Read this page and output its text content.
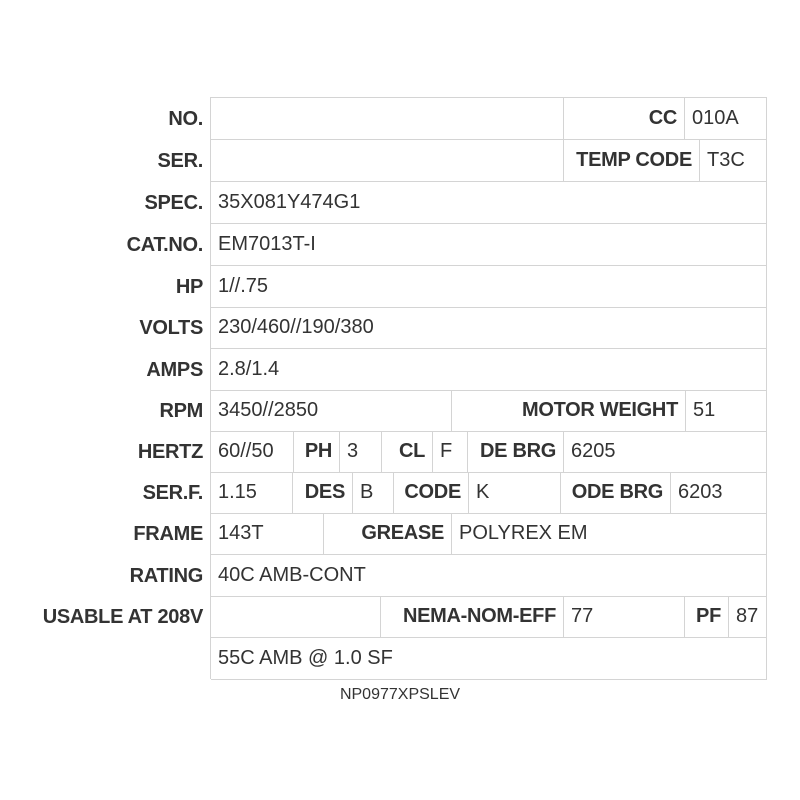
NO.	CC 010A
SER.	TEMP CODE T3C
SPEC. 35X081Y474G1
CAT.NO. EM7013T-I
HP 1//.75
VOLTS 230/460//190/380
AMPS 2.8/1.4
RPM 3450//2850	MOTOR WEIGHT 51
HERTZ 60//50	PH 3	CL F	DE BRG 6205
SER.F. 1.15	DES B	CODE K	ODE BRG 6203
FRAME 143T	GREASE POLYREX EM
RATING 40C AMB-CONT
USABLE AT 208V	NEMA-NOM-EFF 77	PF 87
55C AMB @ 1.0 SF
NP0977XPSLEV
